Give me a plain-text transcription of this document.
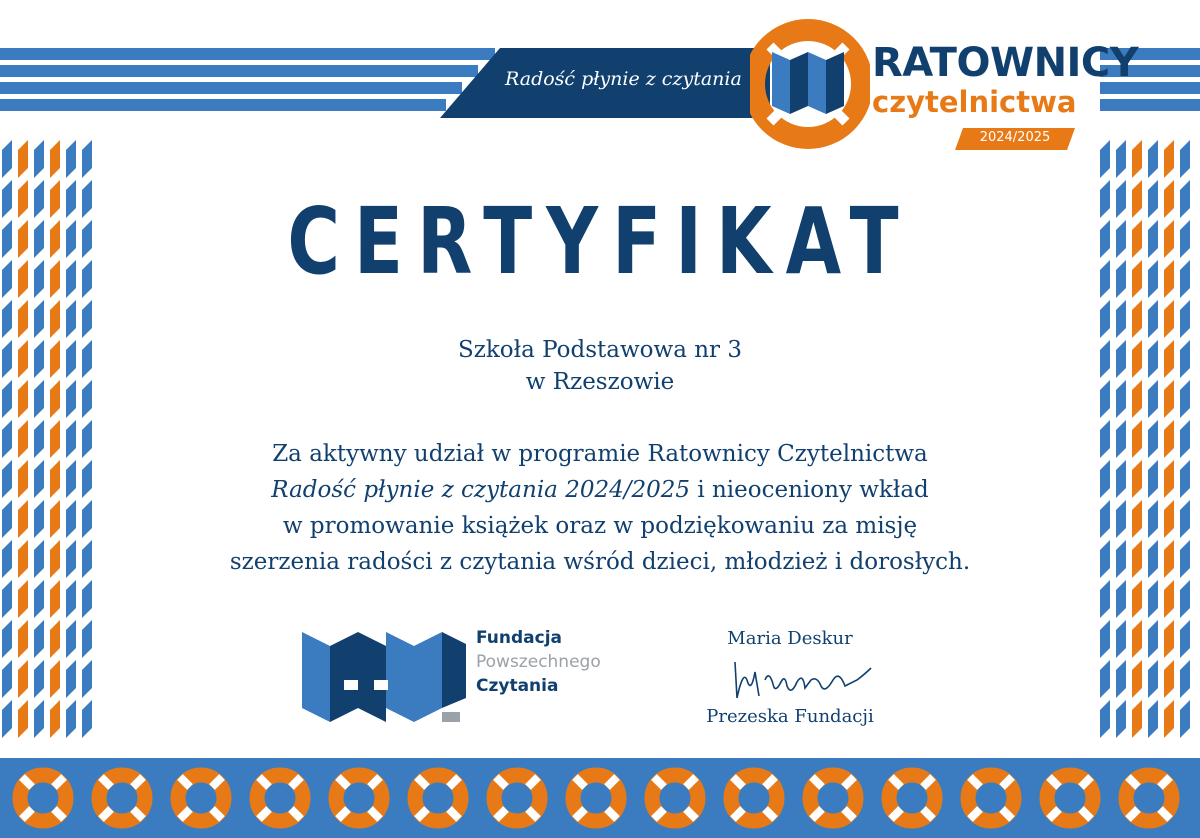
Radość płynie z czytania	RATOWNICY
czytelnictwa
2024/2025
CERTYFIKAT
Szkoła Podstawowa nr 3
w Rzeszowie
Za aktywny udział w programie Ratownicy Czytelnictwa
Radość płynie z czytania 2024/2025 i nieoceniony wkład
w promowanie książek oraz w podziękowaniu za misję
szerzenia radości z czytania wśród dzieci, młodzież i dorosłych.
Fundacja
Powszechnego
Czytania
Maria Deskur
Prezeska Fundacji
